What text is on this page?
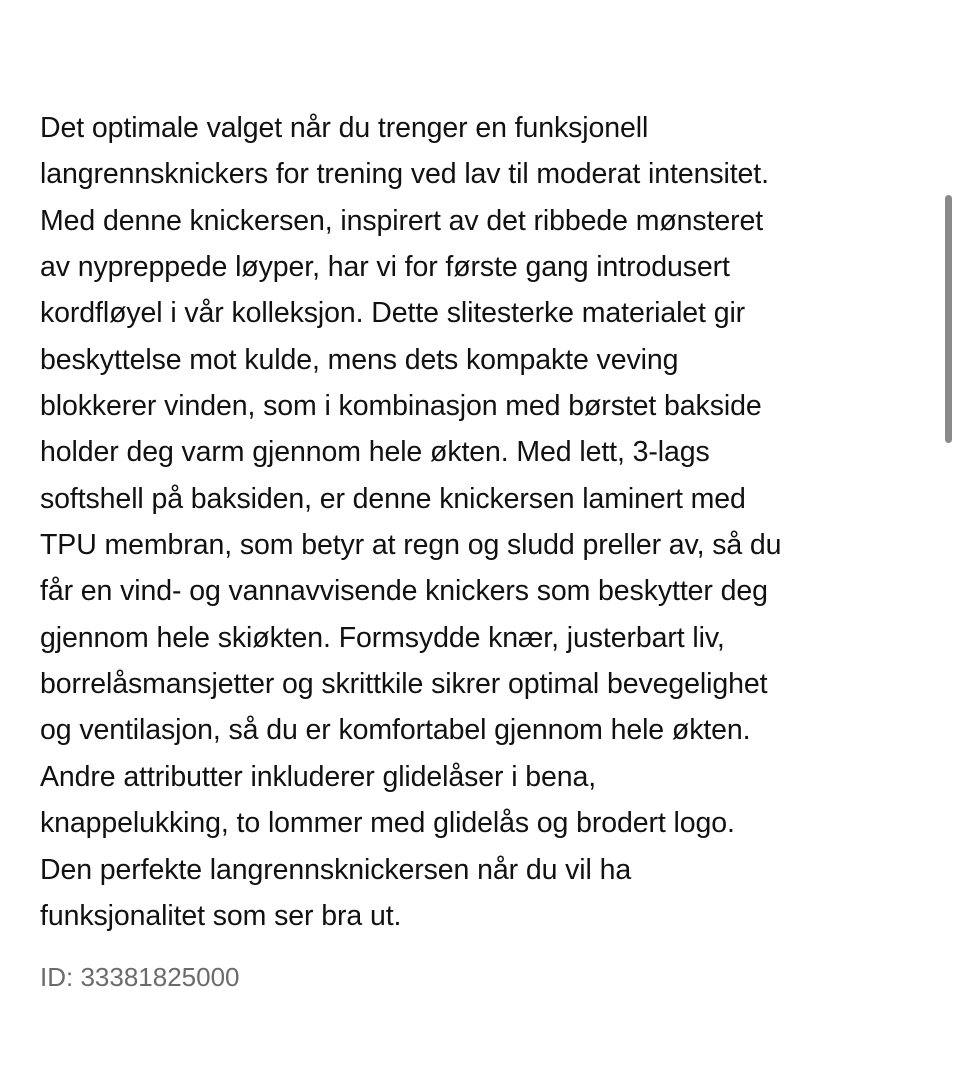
Det optimale valget når du trenger en funksjonell
langrennsknickers for trening ved lav til moderat intensitet.
Med denne knickersen, inspirert av det ribbede mønsteret
av nypreppede løyper, har vi for første gang introdusert
kordfløyel i vår kolleksjon. Dette slitesterke materialet gir
beskyttelse mot kulde, mens dets kompakte veving
blokkerer vinden, som i kombinasjon med børstet bakside
holder deg varm gjennom hele økten. Med lett, 3-lags
softshell på baksiden, er denne knickersen laminert med
TPU membran, som betyr at regn og sludd preller av, så du
får en vind- og vannavvisende knickers som beskytter deg
gjennom hele skiøkten. Formsydde knær, justerbart liv,
borrelåsmansjetter og skrittkile sikrer optimal bevegelighet
og ventilasjon, så du er komfortabel gjennom hele økten.
Andre attributter inkluderer glidelåser i bena,
knappelukking, to lommer med glidelås og brodert logo.
Den perfekte langrennsknickersen når du vil ha
funksjonalitet som ser bra ut.
ID: 33381825000
